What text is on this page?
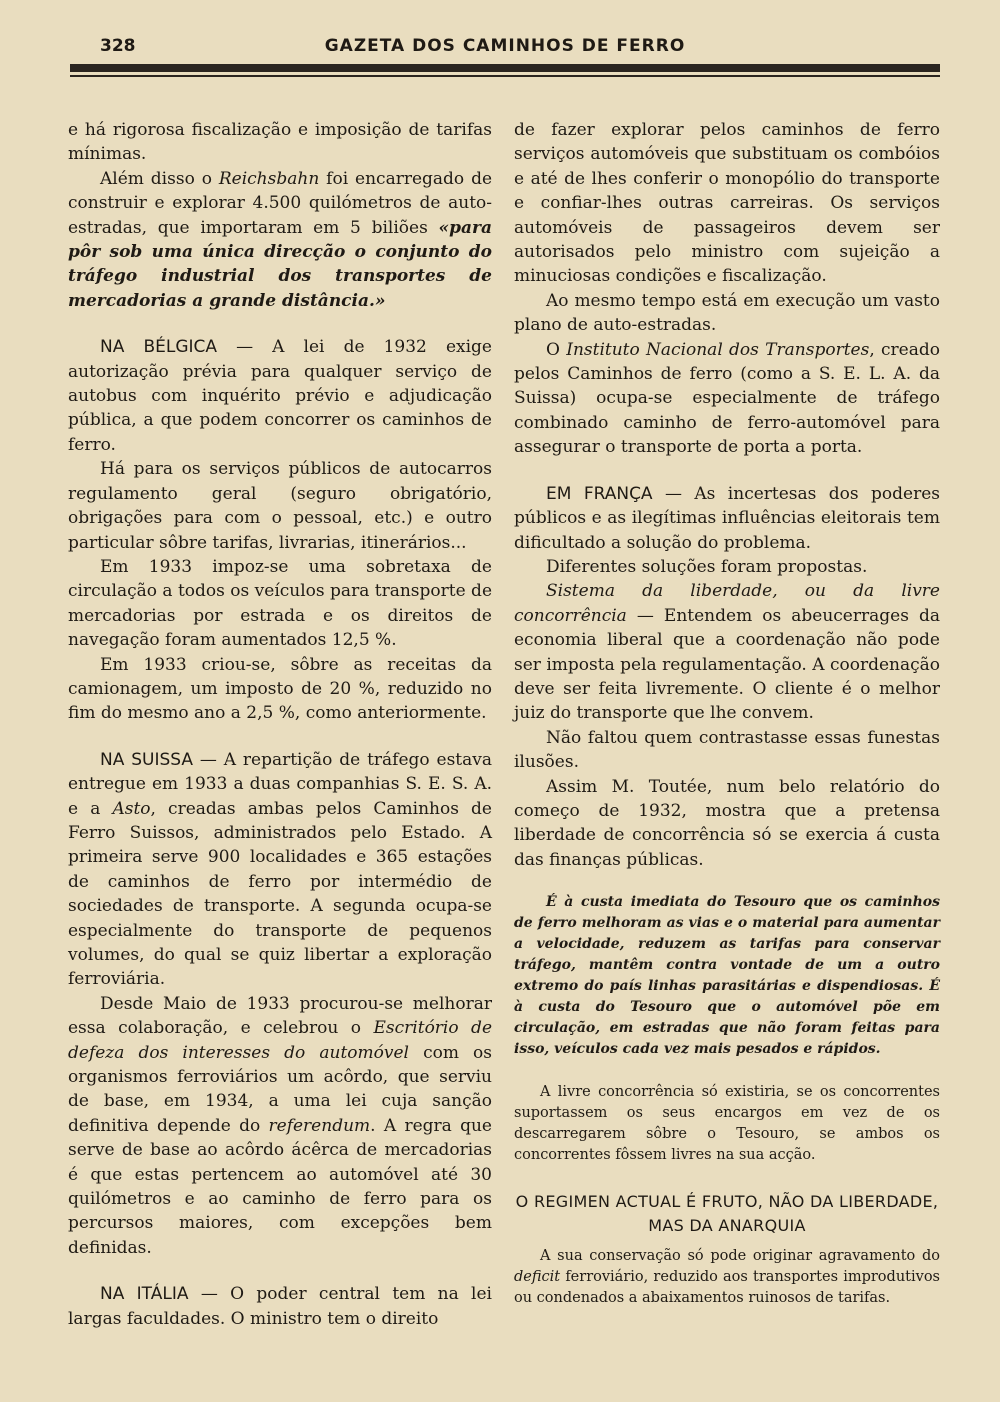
328	GAZETA DOS CAMINHOS DE FERRO

e há rigorosa fiscalização e imposição de tarifas mínimas.

Além disso o Reichsbahn foi encarregado de construir e explorar 4.500 quilómetros de auto-estradas, que importaram em 5 biliões «para pôr sob uma única direcção o conjunto do tráfego industrial dos transportes de mercadorias a grande distância.»

NA BÉLGICA — A lei de 1932 exige autorização prévia para qualquer serviço de autobus com inquérito prévio e adjudicação pública, a que podem concorrer os caminhos de ferro.

Há para os serviços públicos de autocarros regulamento geral (seguro obrigatório, obrigações para com o pessoal, etc.) e outro particular sôbre tarifas, livrarias, itinerários...

Em 1933 impoz-se uma sobretaxa de circulação a todos os veículos para transporte de mercadorias por estrada e os direitos de navegação foram aumentados 12,5 %.

Em 1933 criou-se, sôbre as receitas da camionagem, um imposto de 20 %, reduzido no fim do mesmo ano a 2,5 %, como anteriormente.

NA SUISSA — A repartição de tráfego estava entregue em 1933 a duas companhias S. E. S. A. e a Asto, creadas ambas pelos Caminhos de Ferro Suissos, administrados pelo Estado. A primeira serve 900 localidades e 365 estações de caminhos de ferro por intermédio de sociedades de transporte. A segunda ocupa-se especialmente do transporte de pequenos volumes, do qual se quiz libertar a exploração ferroviária.

Desde Maio de 1933 procurou-se melhorar essa colaboração, e celebrou o Escritório de defeza dos interesses do automóvel com os organismos ferroviários um acôrdo, que serviu de base, em 1934, a uma lei cuja sanção definitiva depende do referendum. A regra que serve de base ao acôrdo ácêrca de mercadorias é que estas pertencem ao automóvel até 30 quilómetros e ao caminho de ferro para os percursos maiores, com excepções bem definidas.

NA ITÁLIA — O poder central tem na lei largas faculdades. O ministro tem o direito

de fazer explorar pelos caminhos de ferro serviços automóveis que substituam os combóios e até de lhes conferir o monopólio do transporte e confiar-lhes outras carreiras. Os serviços automóveis de passageiros devem ser autorisados pelo ministro com sujeição a minuciosas condições e fiscalização.

Ao mesmo tempo está em execução um vasto plano de auto-estradas.

O Instituto Nacional dos Transportes, creado pelos Caminhos de ferro (como a S. E. L. A. da Suissa) ocupa-se especialmente de tráfego combinado caminho de ferro-automóvel para assegurar o transporte de porta a porta.

EM FRANÇA — As incertesas dos poderes públicos e as ilegítimas influências eleitorais tem dificultado a solução do problema.

Diferentes soluções foram propostas.

Sistema da liberdade, ou da livre concorrência — Entendem os abeucerrages da economia liberal que a coordenação não pode ser imposta pela regulamentação. A coordenação deve ser feita livremente. O cliente é o melhor juiz do transporte que lhe convem.

Não faltou quem contrastasse essas funestas ilusões.

Assim M. Toutée, num belo relatório do começo de 1932, mostra que a pretensa liberdade de concorrência só se exercia á custa das finanças públicas.

É à custa imediata do Tesouro que os caminhos de ferro melhoram as vias e o material para aumentar a velocidade, reduzem as tarifas para conservar tráfego, mantêm contra vontade de um a outro extremo do país linhas parasitárias e dispendiosas. É à custa do Tesouro que o automóvel põe em circulação, em estradas que não foram feitas para isso, veículos cada vez mais pesados e rápidos.

A livre concorrência só existiria, se os concorrentes suportassem os seus encargos em vez de os descarregarem sôbre o Tesouro, se ambos os concorrentes fôssem livres na sua acção.

O REGIMEN ACTUAL É FRUTO, NÃO DA LIBERDADE, MAS DA ANARQUIA

A sua conservação só pode originar agravamento do deficit ferroviário, reduzido aos transportes improdutivos ou condenados a abaixamentos ruinosos de tarifas.
